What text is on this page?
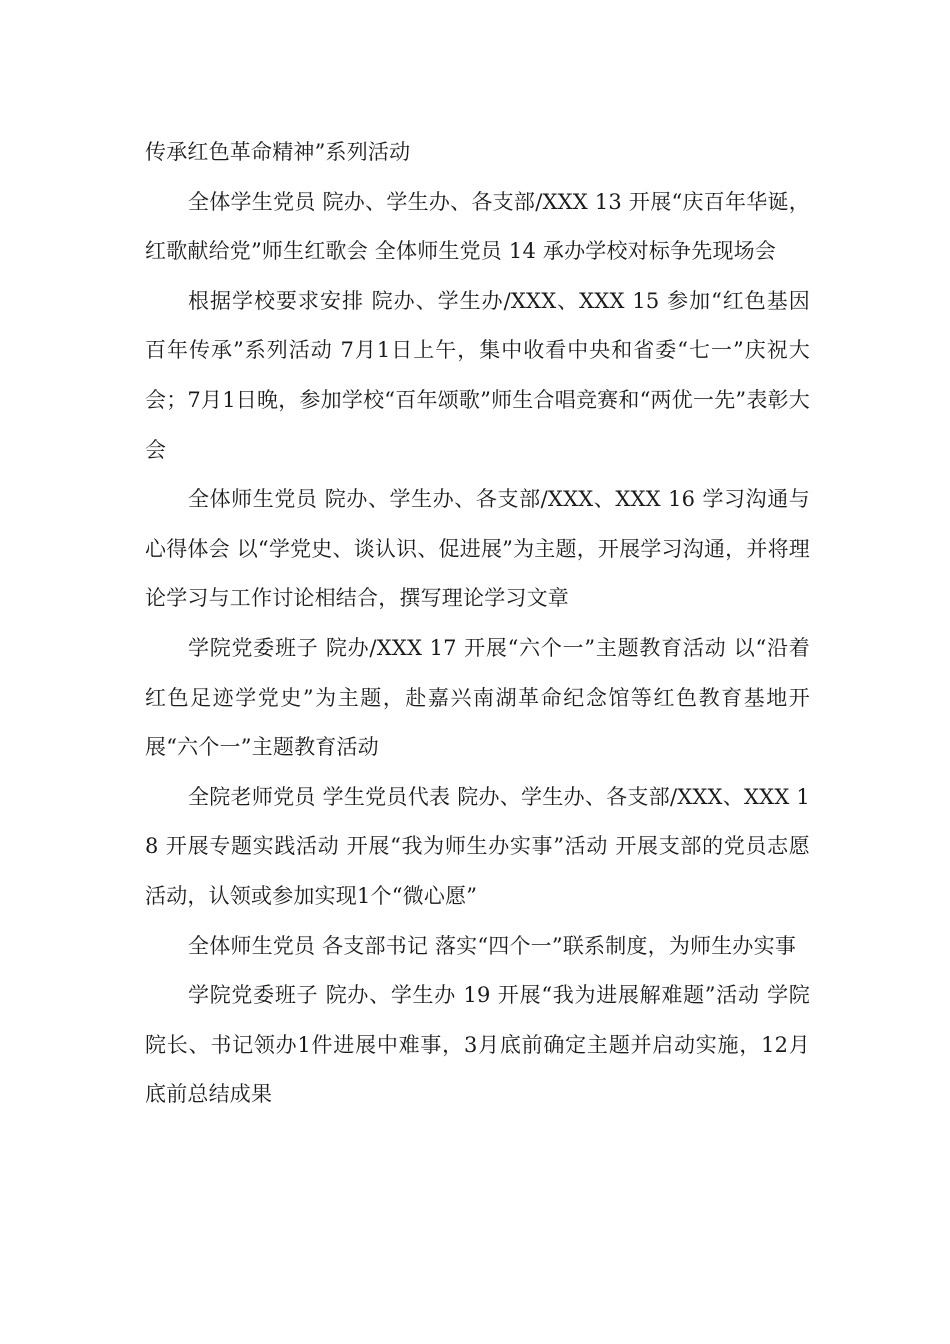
传承红色革命精神”系列活动

全体学生党员 院办、学生办、各支部/XXX 13 开展“庆百年华诞，红歌献给党”师生红歌会 全体师生党员 14 承办学校对标争先现场会

根据学校要求安排 院办、学生办/XXX、XXX 15 参加“红色基因百年传承”系列活动 7月1日上午，集中收看中央和省委“七一”庆祝大会；7月1日晚，参加学校“百年颂歌”师生合唱竞赛和“两优一先”表彰大会

全体师生党员 院办、学生办、各支部/XXX、XXX 16 学习沟通与心得体会 以“学党史、谈认识、促进展”为主题，开展学习沟通，并将理论学习与工作讨论相结合，撰写理论学习文章

学院党委班子 院办/XXX 17 开展“六个一”主题教育活动 以“沿着红色足迹学党史”为主题，赴嘉兴南湖革命纪念馆等红色教育基地开展“六个一”主题教育活动

全院老师党员 学生党员代表 院办、学生办、各支部/XXX、XXX 18 开展专题实践活动 开展“我为师生办实事”活动 开展支部的党员志愿活动，认领或参加实现1个“微心愿”

全体师生党员 各支部书记 落实“四个一”联系制度，为师生办实事

学院党委班子 院办、学生办 19 开展“我为进展解难题”活动 学院院长、书记领办1件进展中难事，3月底前确定主题并启动实施，12月底前总结成果
